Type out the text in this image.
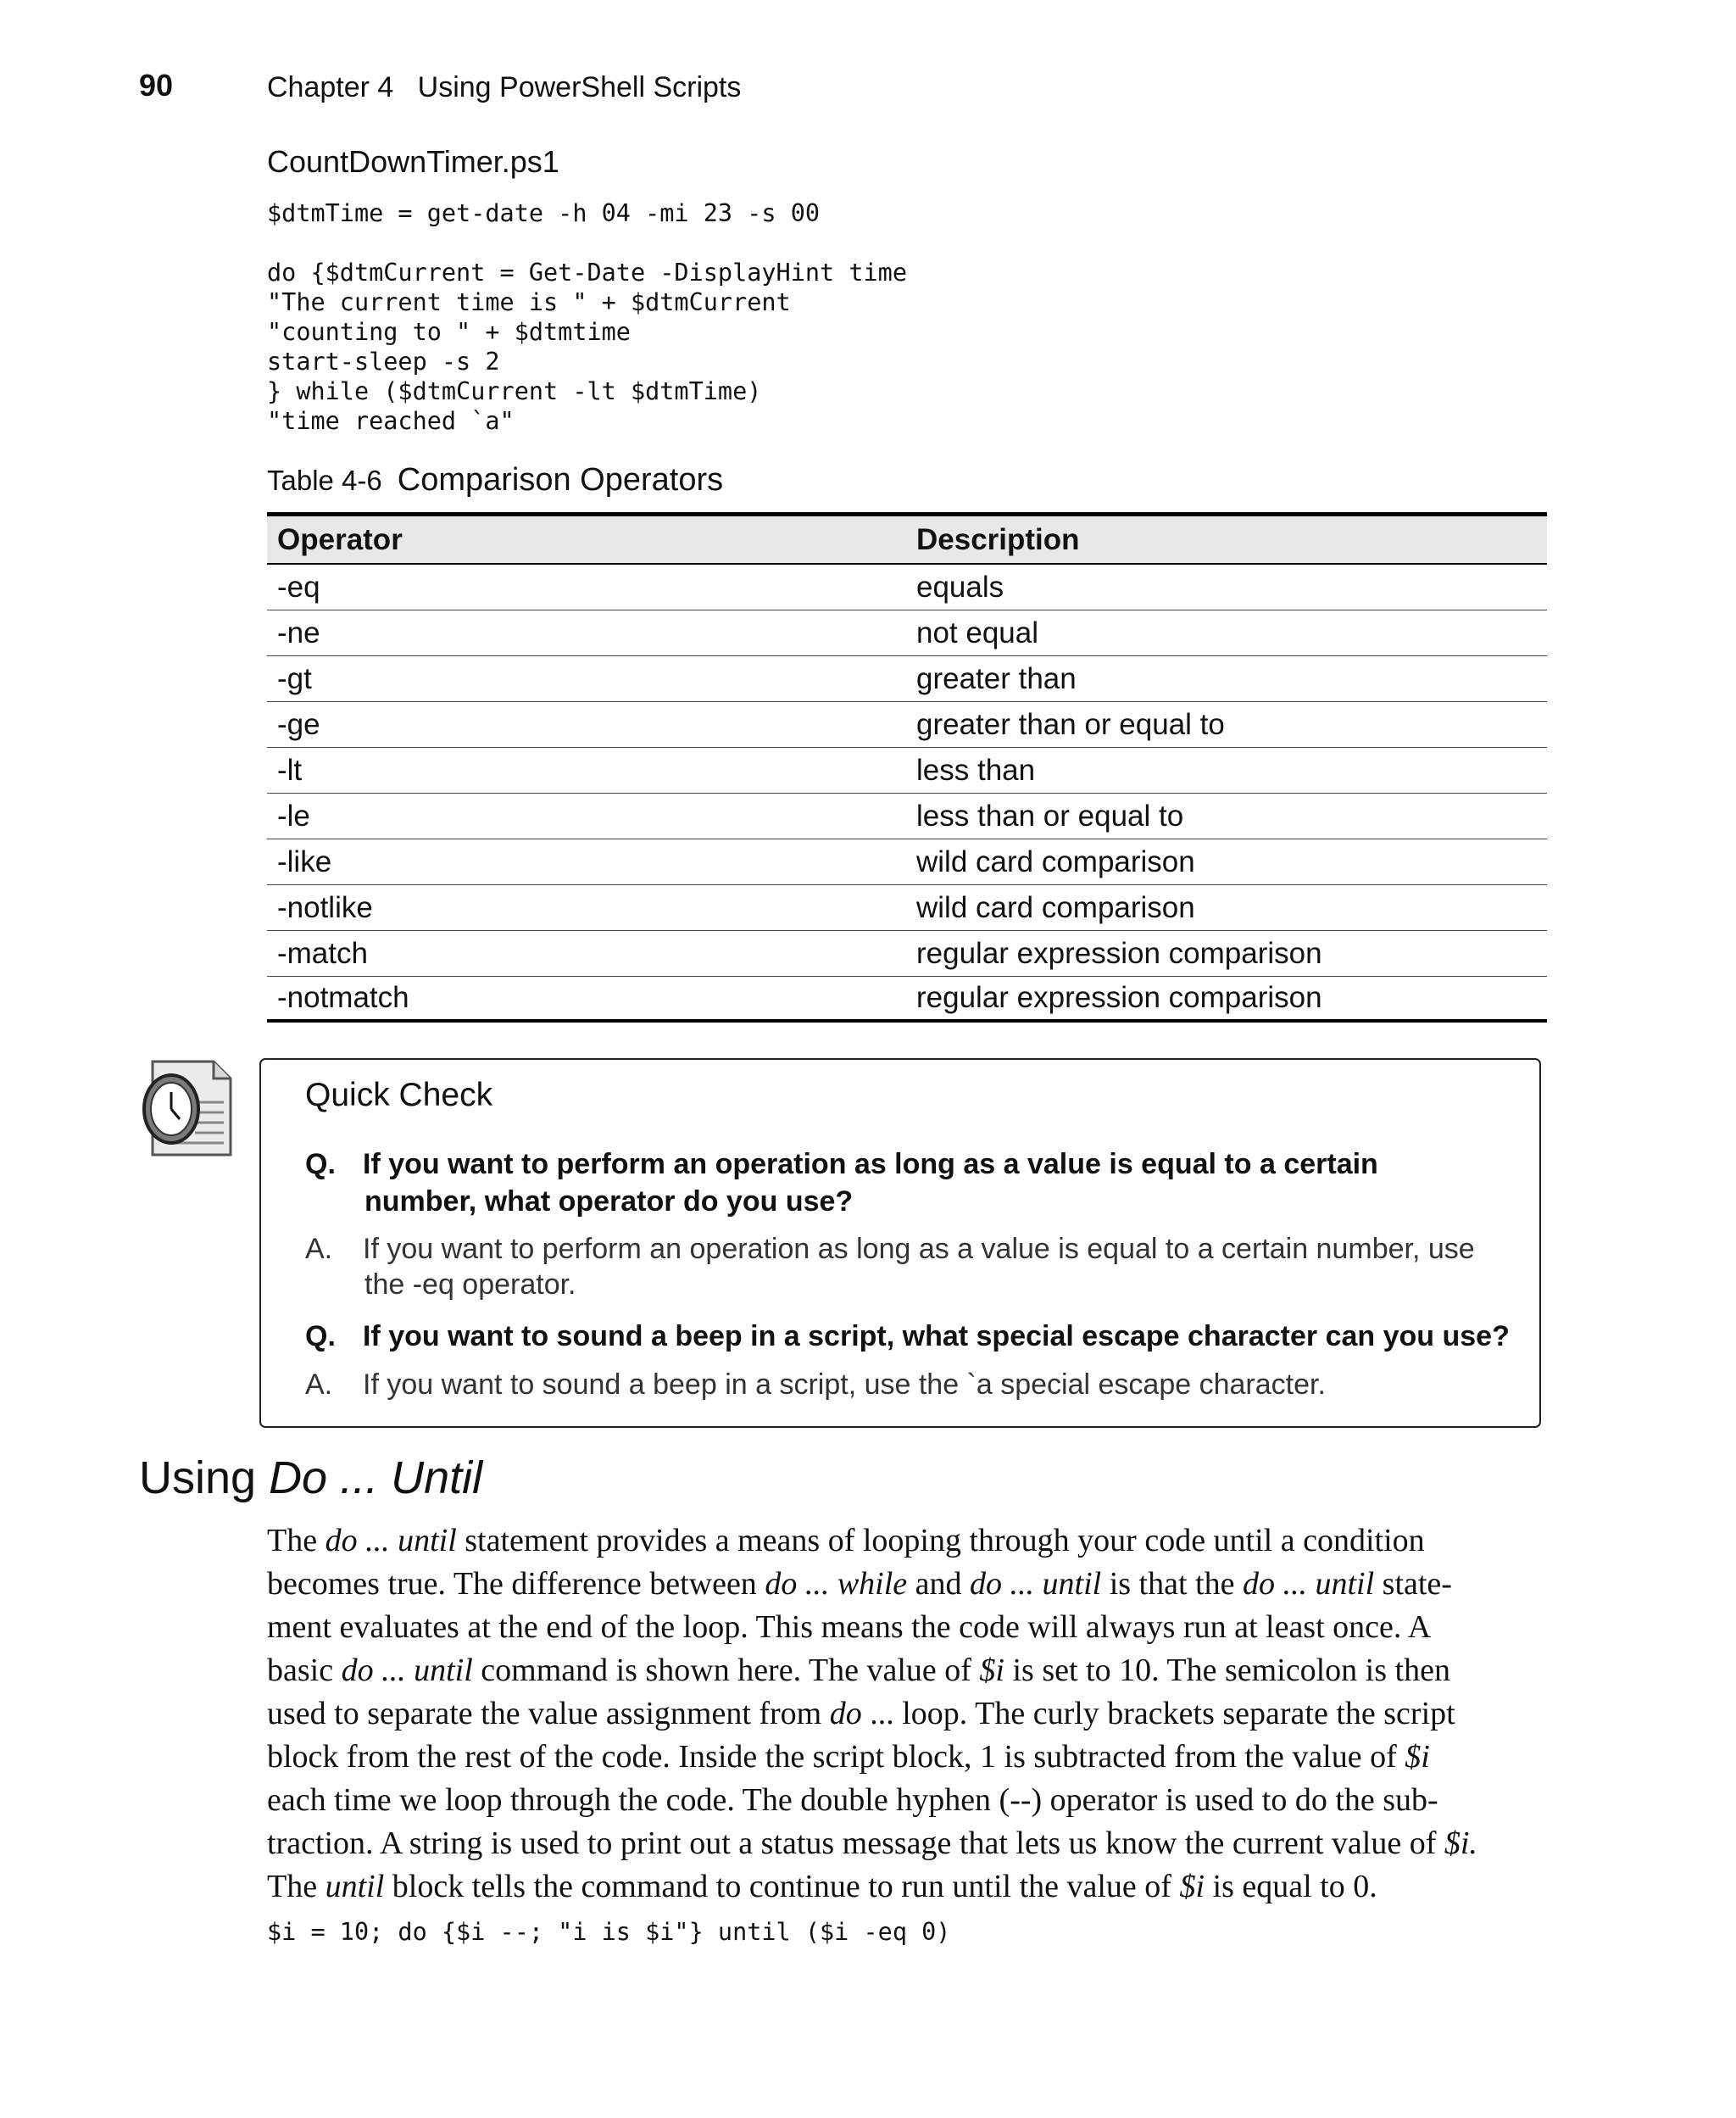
90	Chapter 4   Using PowerShell Scripts
CountDownTimer.ps1
$dtmTime = get-date -h 04 -mi 23 -s 00
do {$dtmCurrent = Get-Date -DisplayHint time
"The current time is " + $dtmCurrent
"counting to " + $dtmtime
start-sleep -s 2
} while ($dtmCurrent -lt $dtmTime)
"time reached `a"
Table 4-6 Comparison Operators
Operator	Description
-eq	equals
-ne	not equal
-gt	greater than
-ge	greater than or equal to
-lt	less than
-le	less than or equal to
-like	wild card comparison
-notlike	wild card comparison
-match	regular expression comparison
-notmatch	regular expression comparison
Quick Check
Q. If you want to perform an operation as long as a value is equal to a certain
number, what operator do you use?
A. If you want to perform an operation as long as a value is equal to a certain number, use
the -eq operator.
Q. If you want to sound a beep in a script, what special escape character can you use?
A. If you want to sound a beep in a script, use the `a special escape character.
Using Do ... Until
The do ... until statement provides a means of looping through your code until a condition
becomes true. The difference between do ... while and do ... until is that the do ... until state-
ment evaluates at the end of the loop. This means the code will always run at least once. A
basic do ... until command is shown here. The value of $i is set to 10. The semicolon is then
used to separate the value assignment from do ... loop. The curly brackets separate the script
block from the rest of the code. Inside the script block, 1 is subtracted from the value of $i
each time we loop through the code. The double hyphen (--) operator is used to do the sub-
traction. A string is used to print out a status message that lets us know the current value of $i.
The until block tells the command to continue to run until the value of $i is equal to 0.
$i = 10; do {$i --; "i is $i"} until ($i -eq 0)
